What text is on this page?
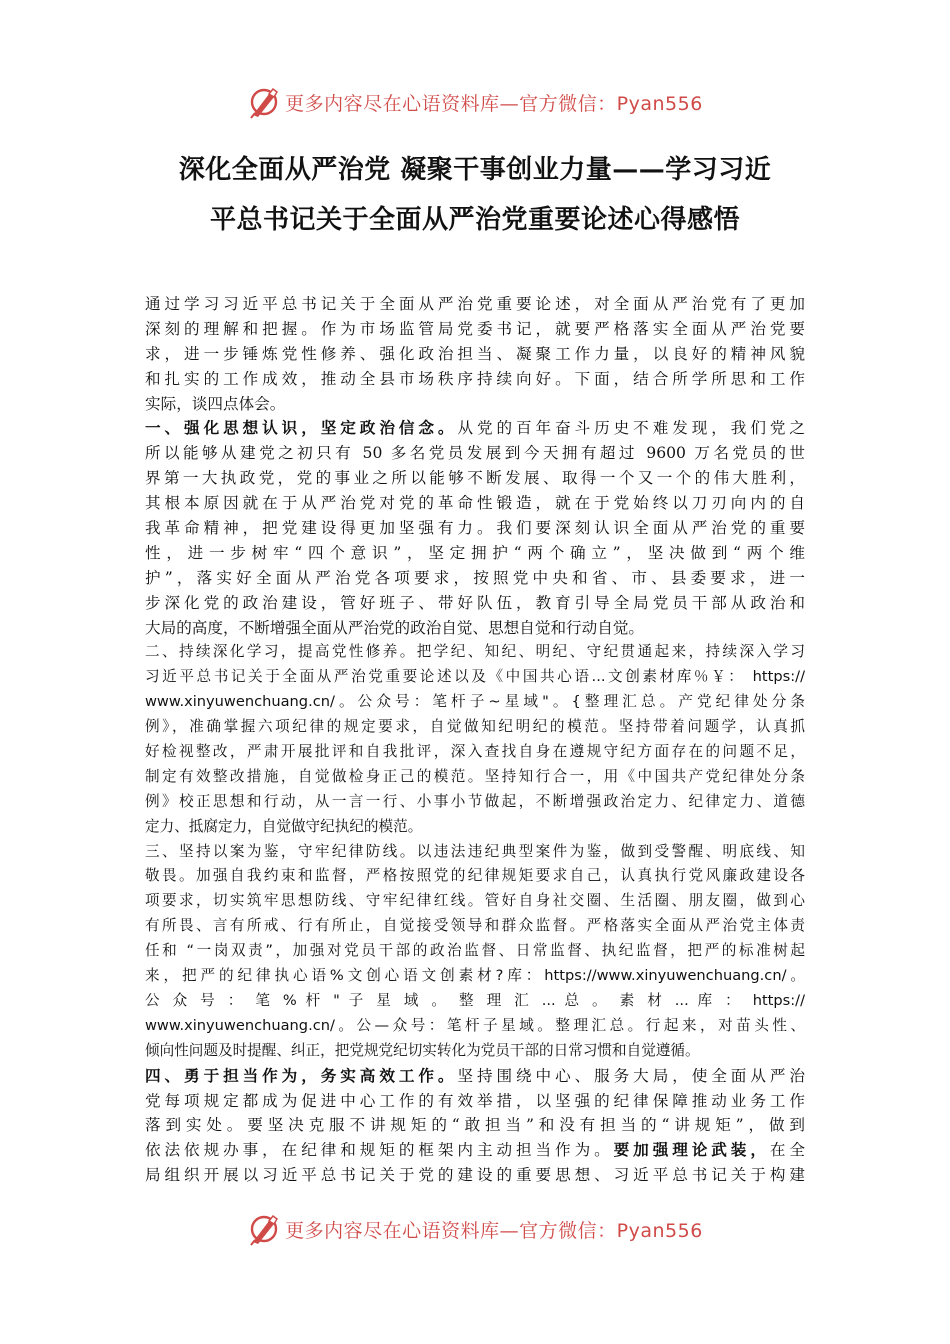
更多内容尽在心语资料库—官方微信：Pyan556
深化全面从严治党 凝聚干事创业力量——学习习近
平总书记关于全面从严治党重要论述心得感悟
通过学习习近平总书记关于全面从严治党重要论述，对全面从严治党有了更加
深刻的理解和把握。作为市场监管局党委书记，就要严格落实全面从严治党要
求，进一步锤炼党性修养、强化政治担当、凝聚工作力量，以良好的精神风貌
和扎实的工作成效，推动全县市场秩序持续向好。下面，结合所学所思和工作
实际，谈四点体会。
一、强化思想认识，坚定政治信念。从党的百年奋斗历史不难发现，我们党之
所以能够从建党之初只有 50 多名党员发展到今天拥有超过 9600 万名党员的世
界第一大执政党，党的事业之所以能够不断发展、取得一个又一个的伟大胜利，
其根本原因就在于从严治党对党的革命性锻造，就在于党始终以刀刃向内的自
我革命精神，把党建设得更加坚强有力。我们要深刻认识全面从严治党的重要
性，进一步树牢“四个意识”，坚定拥护“两个确立”，坚决做到“两个维
护”，落实好全面从严治党各项要求，按照党中央和省、市、县委要求，进一
步深化党的政治建设，管好班子、带好队伍，教育引导全局党员干部从政治和
大局的高度，不断增强全面从严治党的政治自觉、思想自觉和行动自觉。
二、持续深化学习，提高党性修养。把学纪、知纪、明纪、守纪贯通起来，持续深入学习
习近平总书记关于全面从严治党重要论述以及《中国共心语...文创素材库％￥： https://
www.xinyuwenchuang.cn/。公众号：笔杆子~星域"。{整理汇总。产党纪律处分条
例》，准确掌握六项纪律的规定要求，自觉做知纪明纪的模范。坚持带着问题学，认真抓
好检视整改，严肃开展批评和自我批评，深入查找自身在遵规守纪方面存在的问题不足，
制定有效整改措施，自觉做检身正己的模范。坚持知行合一，用《中国共产党纪律处分条
例》校正思想和行动，从一言一行、小事小节做起，不断增强政治定力、纪律定力、道德
定力、抵腐定力，自觉做守纪执纪的模范。
三、坚持以案为鉴，守牢纪律防线。以违法违纪典型案件为鉴，做到受警醒、明底线、知
敬畏。加强自我约束和监督，严格按照党的纪律规矩要求自己，认真执行党风廉政建设各
项要求，切实筑牢思想防线、守牢纪律红线。管好自身社交圈、生活圈、朋友圈，做到心
有所畏、言有所戒、行有所止，自觉接受领导和群众监督。严格落实全面从严治党主体责
任和 “一岗双责”，加强对党员干部的政治监督、日常监督、执纪监督，把严的标准树起
来，把严的纪律执心语%文创心语文创素材?库：https://www.xinyuwenchuang.cn/。
公 众 号 ： 笔 % 杆 " 子 星 域 。 整 理 汇 ... 总 。 素 材 ... 库 ： https://
www.xinyuwenchuang.cn/。公—众号：笔杆子星域。整理汇总。行起来，对苗头性、
倾向性问题及时提醒、纠正，把党规党纪切实转化为党员干部的日常习惯和自觉遵循。
四、勇于担当作为，务实高效工作。坚持围绕中心、服务大局，使全面从严治
党每项规定都成为促进中心工作的有效举措，以坚强的纪律保障推动业务工作
落到实处。要坚决克服不讲规矩的“敢担当”和没有担当的“讲规矩”，做到
依法依规办事，在纪律和规矩的框架内主动担当作为。要加强理论武装，在全
局组织开展以习近平总书记关于党的建设的重要思想、习近平总书记关于构建
更多内容尽在心语资料库—官方微信：Pyan556
